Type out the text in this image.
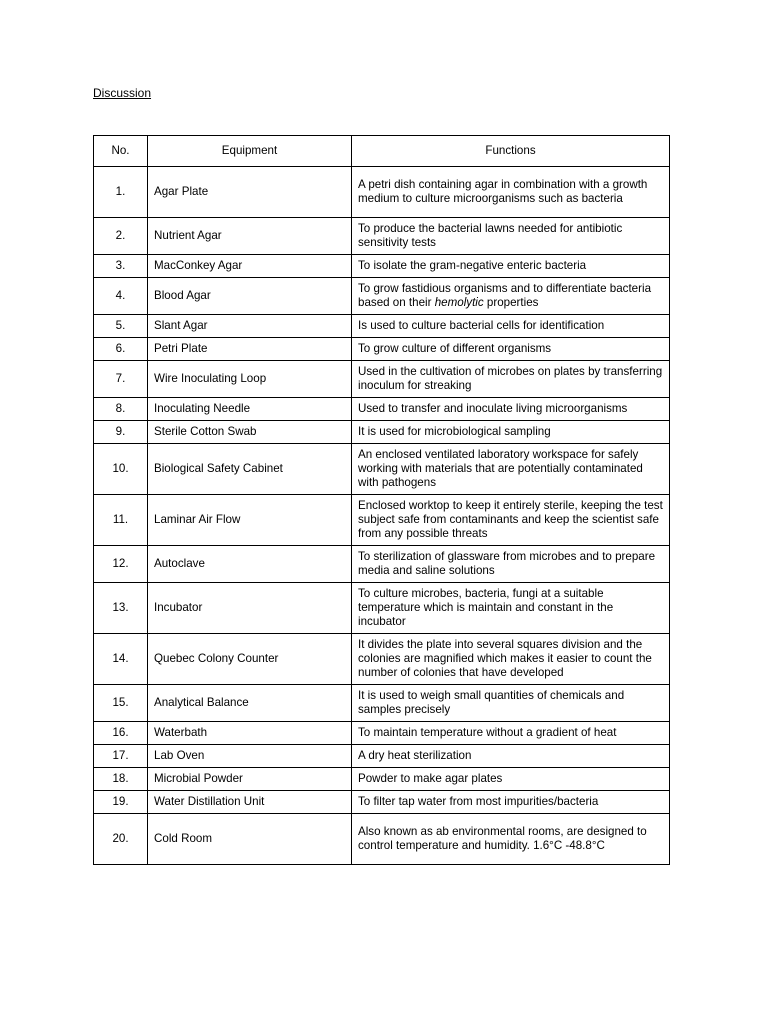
Discussion
No.	Equipment	Functions
1.	Agar Plate	A petri dish containing agar in combination with a growth medium to culture microorganisms such as bacteria
2.	Nutrient Agar	To produce the bacterial lawns needed for antibiotic sensitivity tests
3.	MacConkey Agar	To isolate the gram-negative enteric bacteria
4.	Blood Agar	To grow fastidious organisms and to differentiate bacteria based on their hemolytic properties
5.	Slant Agar	Is used to culture bacterial cells for identification
6.	Petri Plate	To grow culture of different organisms
7.	Wire Inoculating Loop	Used in the cultivation of microbes on plates by transferring inoculum for streaking
8.	Inoculating Needle	Used to transfer and inoculate living microorganisms
9.	Sterile Cotton Swab	It is used for microbiological sampling
10.	Biological Safety Cabinet	An enclosed ventilated laboratory workspace for safely working with materials that are potentially contaminated with pathogens
11.	Laminar Air Flow	Enclosed worktop to keep it entirely sterile, keeping the test subject safe from contaminants and keep the scientist safe from any possible threats
12.	Autoclave	To sterilization of glassware from microbes and to prepare media and saline solutions
13.	Incubator	To culture microbes, bacteria, fungi at a suitable temperature which is maintain and constant in the incubator
14.	Quebec Colony Counter	It divides the plate into several squares division and the colonies are magnified which makes it easier to count the number of colonies that have developed
15.	Analytical Balance	It is used to weigh small quantities of chemicals and samples precisely
16.	Waterbath	To maintain temperature without a gradient of heat
17.	Lab Oven	A dry heat sterilization
18.	Microbial Powder	Powder to make agar plates
19.	Water Distillation Unit	To filter tap water from most impurities/bacteria
20.	Cold Room	Also known as ab environmental rooms, are designed to control temperature and humidity. 1.6°C -48.8°C
